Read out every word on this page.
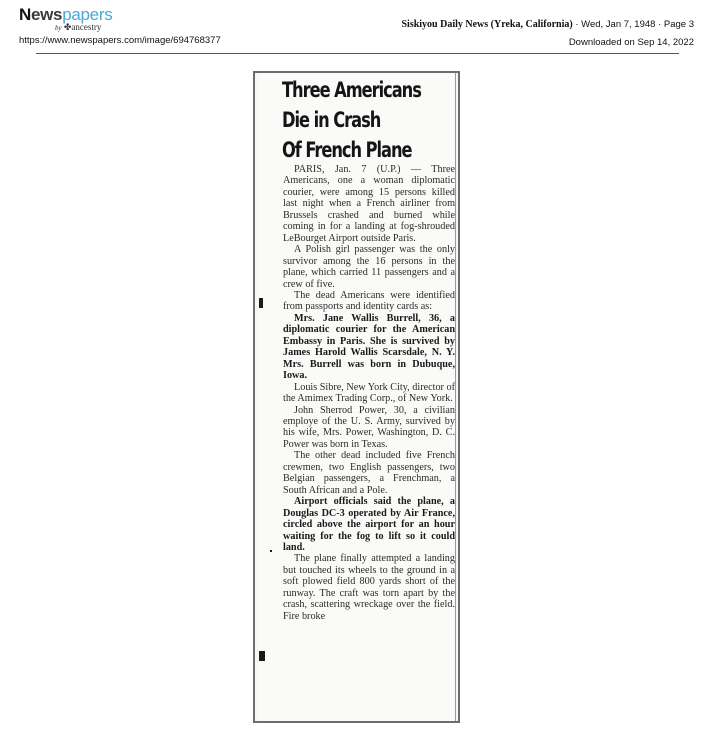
Newspapers
by ✤ancestry
https://www.newspapers.com/image/694768377
Siskiyou Daily News (Yreka, California) · Wed, Jan 7, 1948 · Page 3
Downloaded on Sep 14, 2022
Three Americans
Die in Crash
Of French Plane

PARIS, Jan. 7 (U.P.) — Three Americans, one a woman diplomatic courier, were among 15 persons killed last night when a French airliner from Brussels crashed and burned while coming in for a landing at fog-shrouded LeBourget Airport outside Paris.

A Polish girl passenger was the only survivor among the 16 persons in the plane, which carried 11 passengers and a crew of five.

The dead Americans were identified from passports and identity cards as:

Mrs. Jane Wallis Burrell, 36, a diplomatic courier for the American Embassy in Paris. She is survived by James Harold Wallis Scarsdale, N. Y. Mrs. Burrell was born in Dubuque, Iowa.

Louis Sibre, New York City, director of the Amimex Trading Corp., of New York.

John Sherrod Power, 30, a civilian employe of the U. S. Army, survived by his wife, Mrs. Power, Washington, D. C. Power was born in Texas.

The other dead included five French crewmen, two English passengers, two Belgian passengers, a Frenchman, a South African and a Pole.

Airport officials said the plane, a Douglas DC-3 operated by Air France, circled above the airport for an hour waiting for the fog to lift so it could land.

The plane finally attempted a landing but touched its wheels to the ground in a soft plowed field 800 yards short of the runway. The craft was torn apart by the crash, scattering wreckage over the field. Fire broke
